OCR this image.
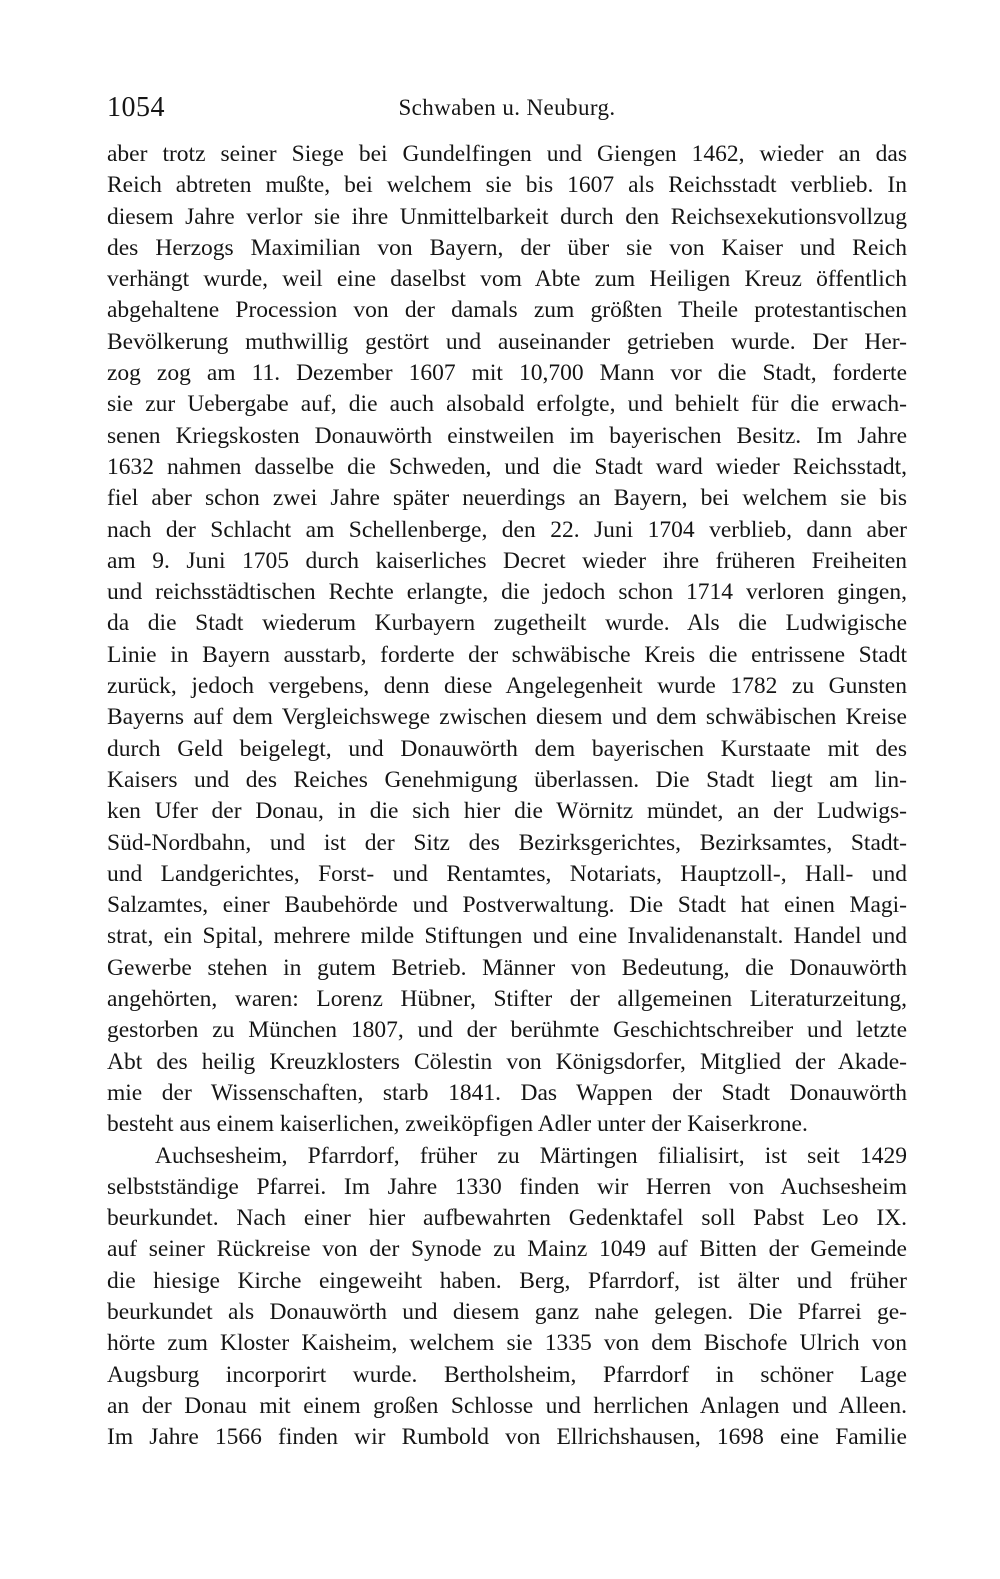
Schwaben u. Neuburg.
1054
aber trotz seiner Siege bei Gundelfingen und Giengen 1462, wieder an das
Reich abtreten mußte, bei welchem sie bis 1607 als Reichsstadt verblieb. In
diesem Jahre verlor sie ihre Unmittelbarkeit durch den Reichsexekutionsvollzug
des Herzogs Maximilian von Bayern, der über sie von Kaiser und Reich
verhängt wurde, weil eine daselbst vom Abte zum Heiligen Kreuz öffentlich
abgehaltene Procession von der damals zum größten Theile protestantischen
Bevölkerung muthwillig gestört und auseinander getrieben wurde. Der Her-
zog zog am 11. Dezember 1607 mit 10,700 Mann vor die Stadt, forderte
sie zur Uebergabe auf, die auch alsobald erfolgte, und behielt für die erwach-
senen Kriegskosten Donauwörth einstweilen im bayerischen Besitz. Im Jahre
1632 nahmen dasselbe die Schweden, und die Stadt ward wieder Reichsstadt,
fiel aber schon zwei Jahre später neuerdings an Bayern, bei welchem sie bis
nach der Schlacht am Schellenberge, den 22. Juni 1704 verblieb, dann aber
am 9. Juni 1705 durch kaiserliches Decret wieder ihre früheren Freiheiten
und reichsstädtischen Rechte erlangte, die jedoch schon 1714 verloren gingen,
da die Stadt wiederum Kurbayern zugetheilt wurde. Als die Ludwigische
Linie in Bayern ausstarb, forderte der schwäbische Kreis die entrissene Stadt
zurück, jedoch vergebens, denn diese Angelegenheit wurde 1782 zu Gunsten
Bayerns auf dem Vergleichswege zwischen diesem und dem schwäbischen Kreise
durch Geld beigelegt, und Donauwörth dem bayerischen Kurstaate mit des
Kaisers und des Reiches Genehmigung überlassen. Die Stadt liegt am lin-
ken Ufer der Donau, in die sich hier die Wörnitz mündet, an der Ludwigs-
Süd-Nordbahn, und ist der Sitz des Bezirksgerichtes, Bezirksamtes, Stadt-
und Landgerichtes, Forst- und Rentamtes, Notariats, Hauptzoll-, Hall- und
Salzamtes, einer Baubehörde und Postverwaltung. Die Stadt hat einen Magi-
strat, ein Spital, mehrere milde Stiftungen und eine Invalidenanstalt. Handel und
Gewerbe stehen in gutem Betrieb. Männer von Bedeutung, die Donauwörth
angehörten, waren: Lorenz Hübner, Stifter der allgemeinen Literaturzeitung,
gestorben zu München 1807, und der berühmte Geschichtschreiber und letzte
Abt des heilig Kreuzklosters Cölestin von Königsdorfer, Mitglied der Akade-
mie der Wissenschaften, starb 1841. Das Wappen der Stadt Donauwörth
besteht aus einem kaiserlichen, zweiköpfigen Adler unter der Kaiserkrone.
Auchsesheim, Pfarrdorf, früher zu Märtingen filialisirt, ist seit 1429
selbstständige Pfarrei. Im Jahre 1330 finden wir Herren von Auchsesheim
beurkundet. Nach einer hier aufbewahrten Gedenktafel soll Pabst Leo IX.
auf seiner Rückreise von der Synode zu Mainz 1049 auf Bitten der Gemeinde
die hiesige Kirche eingeweiht haben. Berg, Pfarrdorf, ist älter und früher
beurkundet als Donauwörth und diesem ganz nahe gelegen. Die Pfarrei ge-
hörte zum Kloster Kaisheim, welchem sie 1335 von dem Bischofe Ulrich von
Augsburg incorporirt wurde. Bertholsheim, Pfarrdorf in schöner Lage
an der Donau mit einem großen Schlosse und herrlichen Anlagen und Alleen.
Im Jahre 1566 finden wir Rumbold von Ellrichshausen, 1698 eine Familie
